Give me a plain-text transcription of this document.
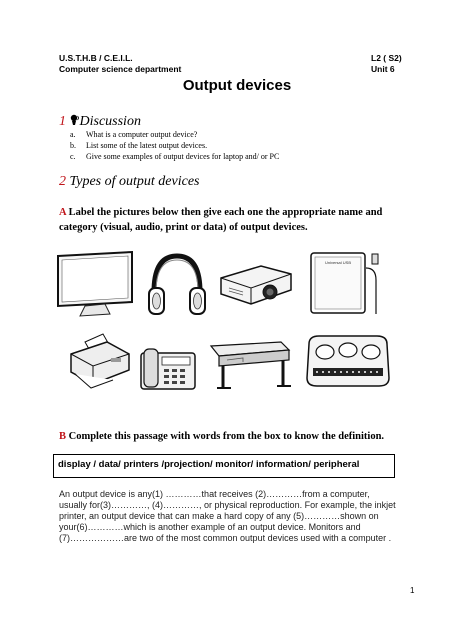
U.S.T.H.B / C.E.I.L.
Computer science department
L2 ( S2)
Unit 6
Output devices
1 Discussion
a. What is a computer output device?
b. List some of the latest output devices.
c. Give some examples of output devices for laptop and/ or PC
2 Types of output devices
A Label the pictures below then give each one the appropriate name and
category (visual, audio, print or data) of output devices.
Universal USB
B Complete this passage with words from the box to know the definition.
display / data/ printers /projection/ monitor/ information/ peripheral
An output device is any(1) …………that receives (2)…………from a computer,
usually for(3)…………, (4)…………, or physical reproduction. For example, the inkjet
printer, an output device that can make a hard copy of any (5)…………shown on
your(6)…………which is another example of an output device. Monitors and
(7)………………are two of the most common output devices used with a computer .
1
